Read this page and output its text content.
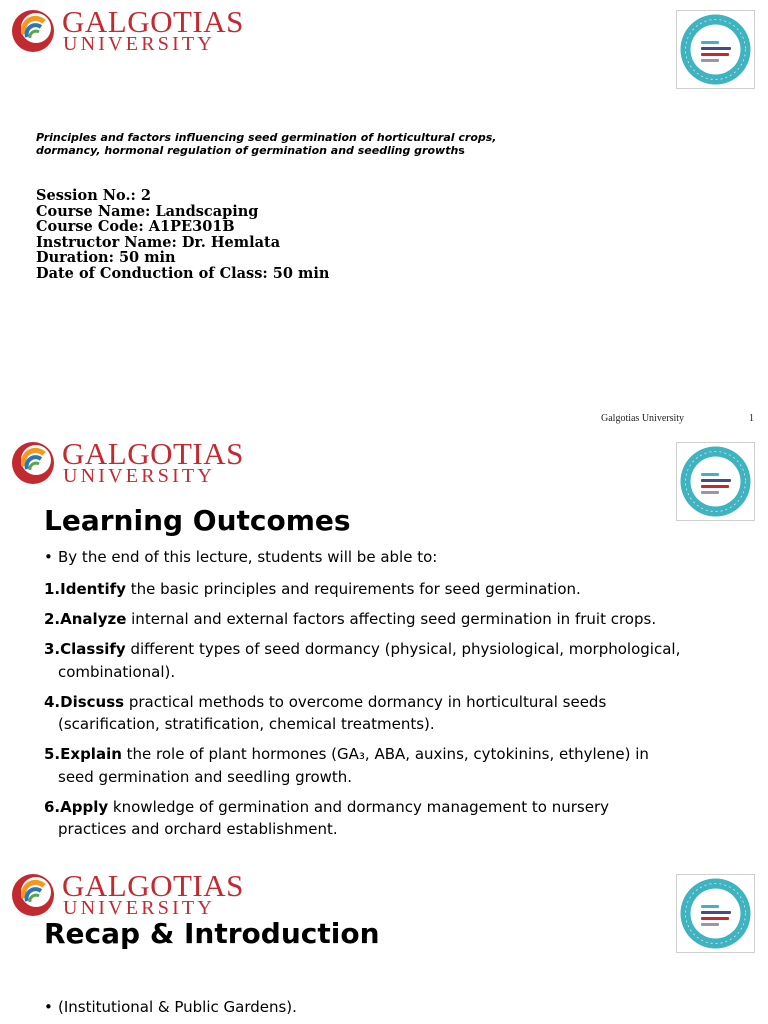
GALGOTIAS
UNIVERSITY
Principles and factors influencing seed germination of horticultural crops, dormancy, hormonal regulation of germination and seedling growths
Session No.: 2
Course Name: Landscaping
Course Code: A1PE301B
Instructor Name: Dr. Hemlata
Duration: 50 min
Date of Conduction of Class: 50 min
Galgotias University	1
GALGOTIAS
UNIVERSITY
Learning Outcomes
• By the end of this lecture, students will be able to:
1.Identify the basic principles and requirements for seed germination.
2.Analyze internal and external factors affecting seed germination in fruit crops.
3.Classify different types of seed dormancy (physical, physiological, morphological,
combinational).
4.Discuss practical methods to overcome dormancy in horticultural seeds
(scarification, stratification, chemical treatments).
5.Explain the role of plant hormones (GA₃, ABA, auxins, cytokinins, ethylene) in
seed germination and seedling growth.
6.Apply knowledge of germination and dormancy management to nursery
practices and orchard establishment.
GALGOTIAS
UNIVERSITY
Recap & Introduction
• (Institutional & Public Gardens).
